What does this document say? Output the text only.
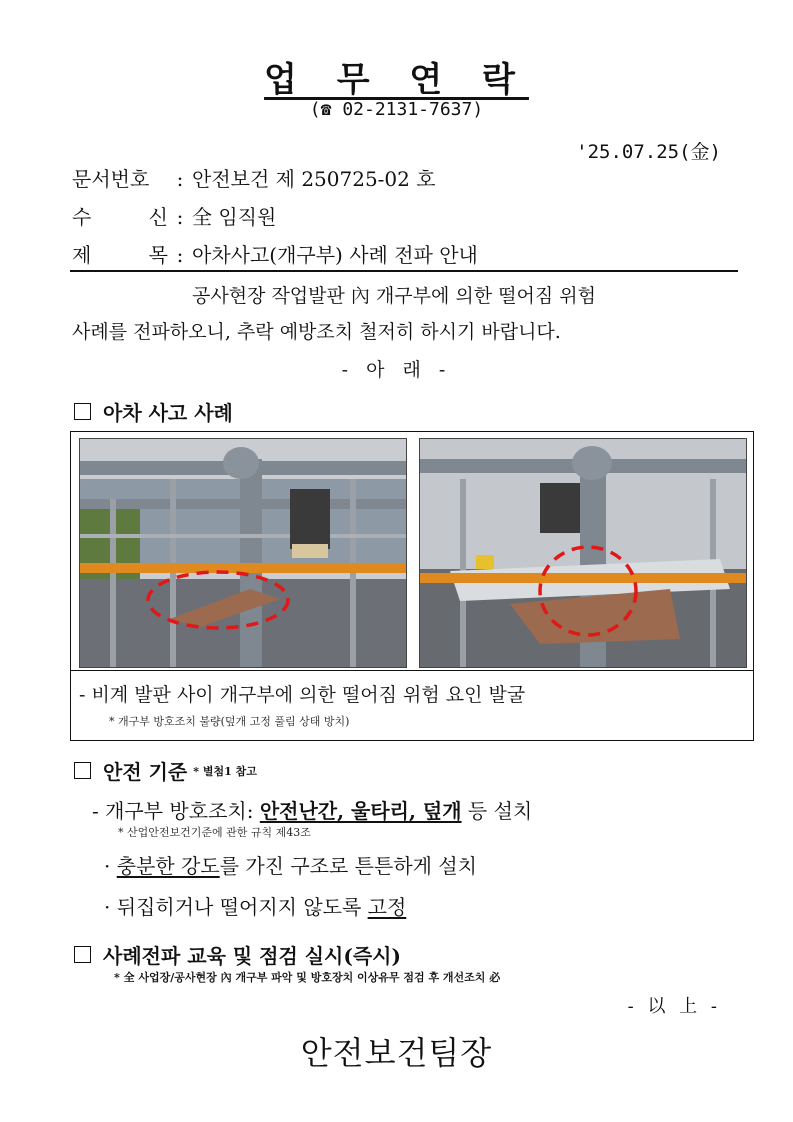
업 무 연 락
(☎ 02-2131-7637)
'25.07.25(金)
문서번호 : 안전보건 제 250725-02 호
수 신 : 全 임직원
제 목 : 아차사고(개구부) 사례 전파 안내
공사현장 작업발판 內 개구부에 의한 떨어짐 위험
사례를 전파하오니, 추락 예방조치 철저히 하시기 바랍니다.
- 아 래 -
아차 사고 사례
- 비계 발판 사이 개구부에 의한 떨어짐 위험 요인 발굴
* 개구부 방호조치 불량(덮개 고정 풀림 상태 방치)
안전 기준 * 별첨1 참고
- 개구부 방호조치: 안전난간, 울타리, 덮개 등 설치
* 산업안전보건기준에 관한 규칙 제43조
· 충분한 강도를 가진 구조로 튼튼하게 설치
· 뒤집히거나 떨어지지 않도록 고정
사례전파 교육 및 점검 실시(즉시)
* 全 사업장/공사현장 內 개구부 파악 및 방호장치 이상유무 점검 후 개선조치 必
- 以 上 -
안전보건팀장
